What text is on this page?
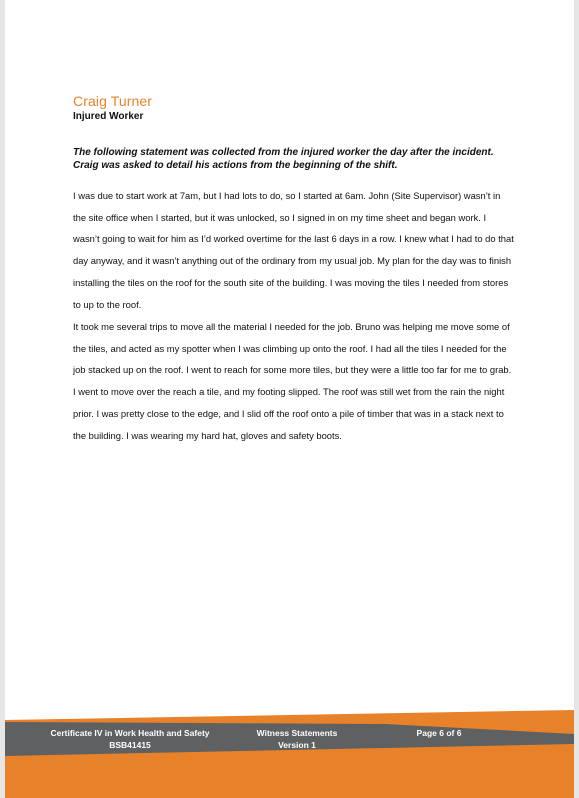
Craig Turner
Injured Worker
The following statement was collected from the injured worker the day after the incident. Craig was asked to detail his actions from the beginning of the shift.

I was due to start work at 7am, but I had lots to do, so I started at 6am. John (Site Supervisor) wasn’t in the site office when I started, but it was unlocked, so I signed in on my time sheet and began work. I wasn’t going to wait for him as I’d worked overtime for the last 6 days in a row. I knew what I had to do that day anyway, and it wasn’t anything out of the ordinary from my usual job. My plan for the day was to finish installing the tiles on the roof for the south site of the building. I was moving the tiles I needed from stores to up to the roof.

It took me several trips to move all the material I needed for the job. Bruno was helping me move some of the tiles, and acted as my spotter when I was climbing up onto the roof. I had all the tiles I needed for the job stacked up on the roof. I went to reach for some more tiles, but they were a little too far for me to grab. I went to move over the reach a tile, and my footing slipped. The roof was still wet from the rain the night prior. I was pretty close to the edge, and I slid off the roof onto a pile of timber that was in a stack next to the building. I was wearing my hard hat, gloves and safety boots.

Certificate IV in Work Health and Safety
BSB41415
Witness Statements
Version 1
Page 6 of 6
